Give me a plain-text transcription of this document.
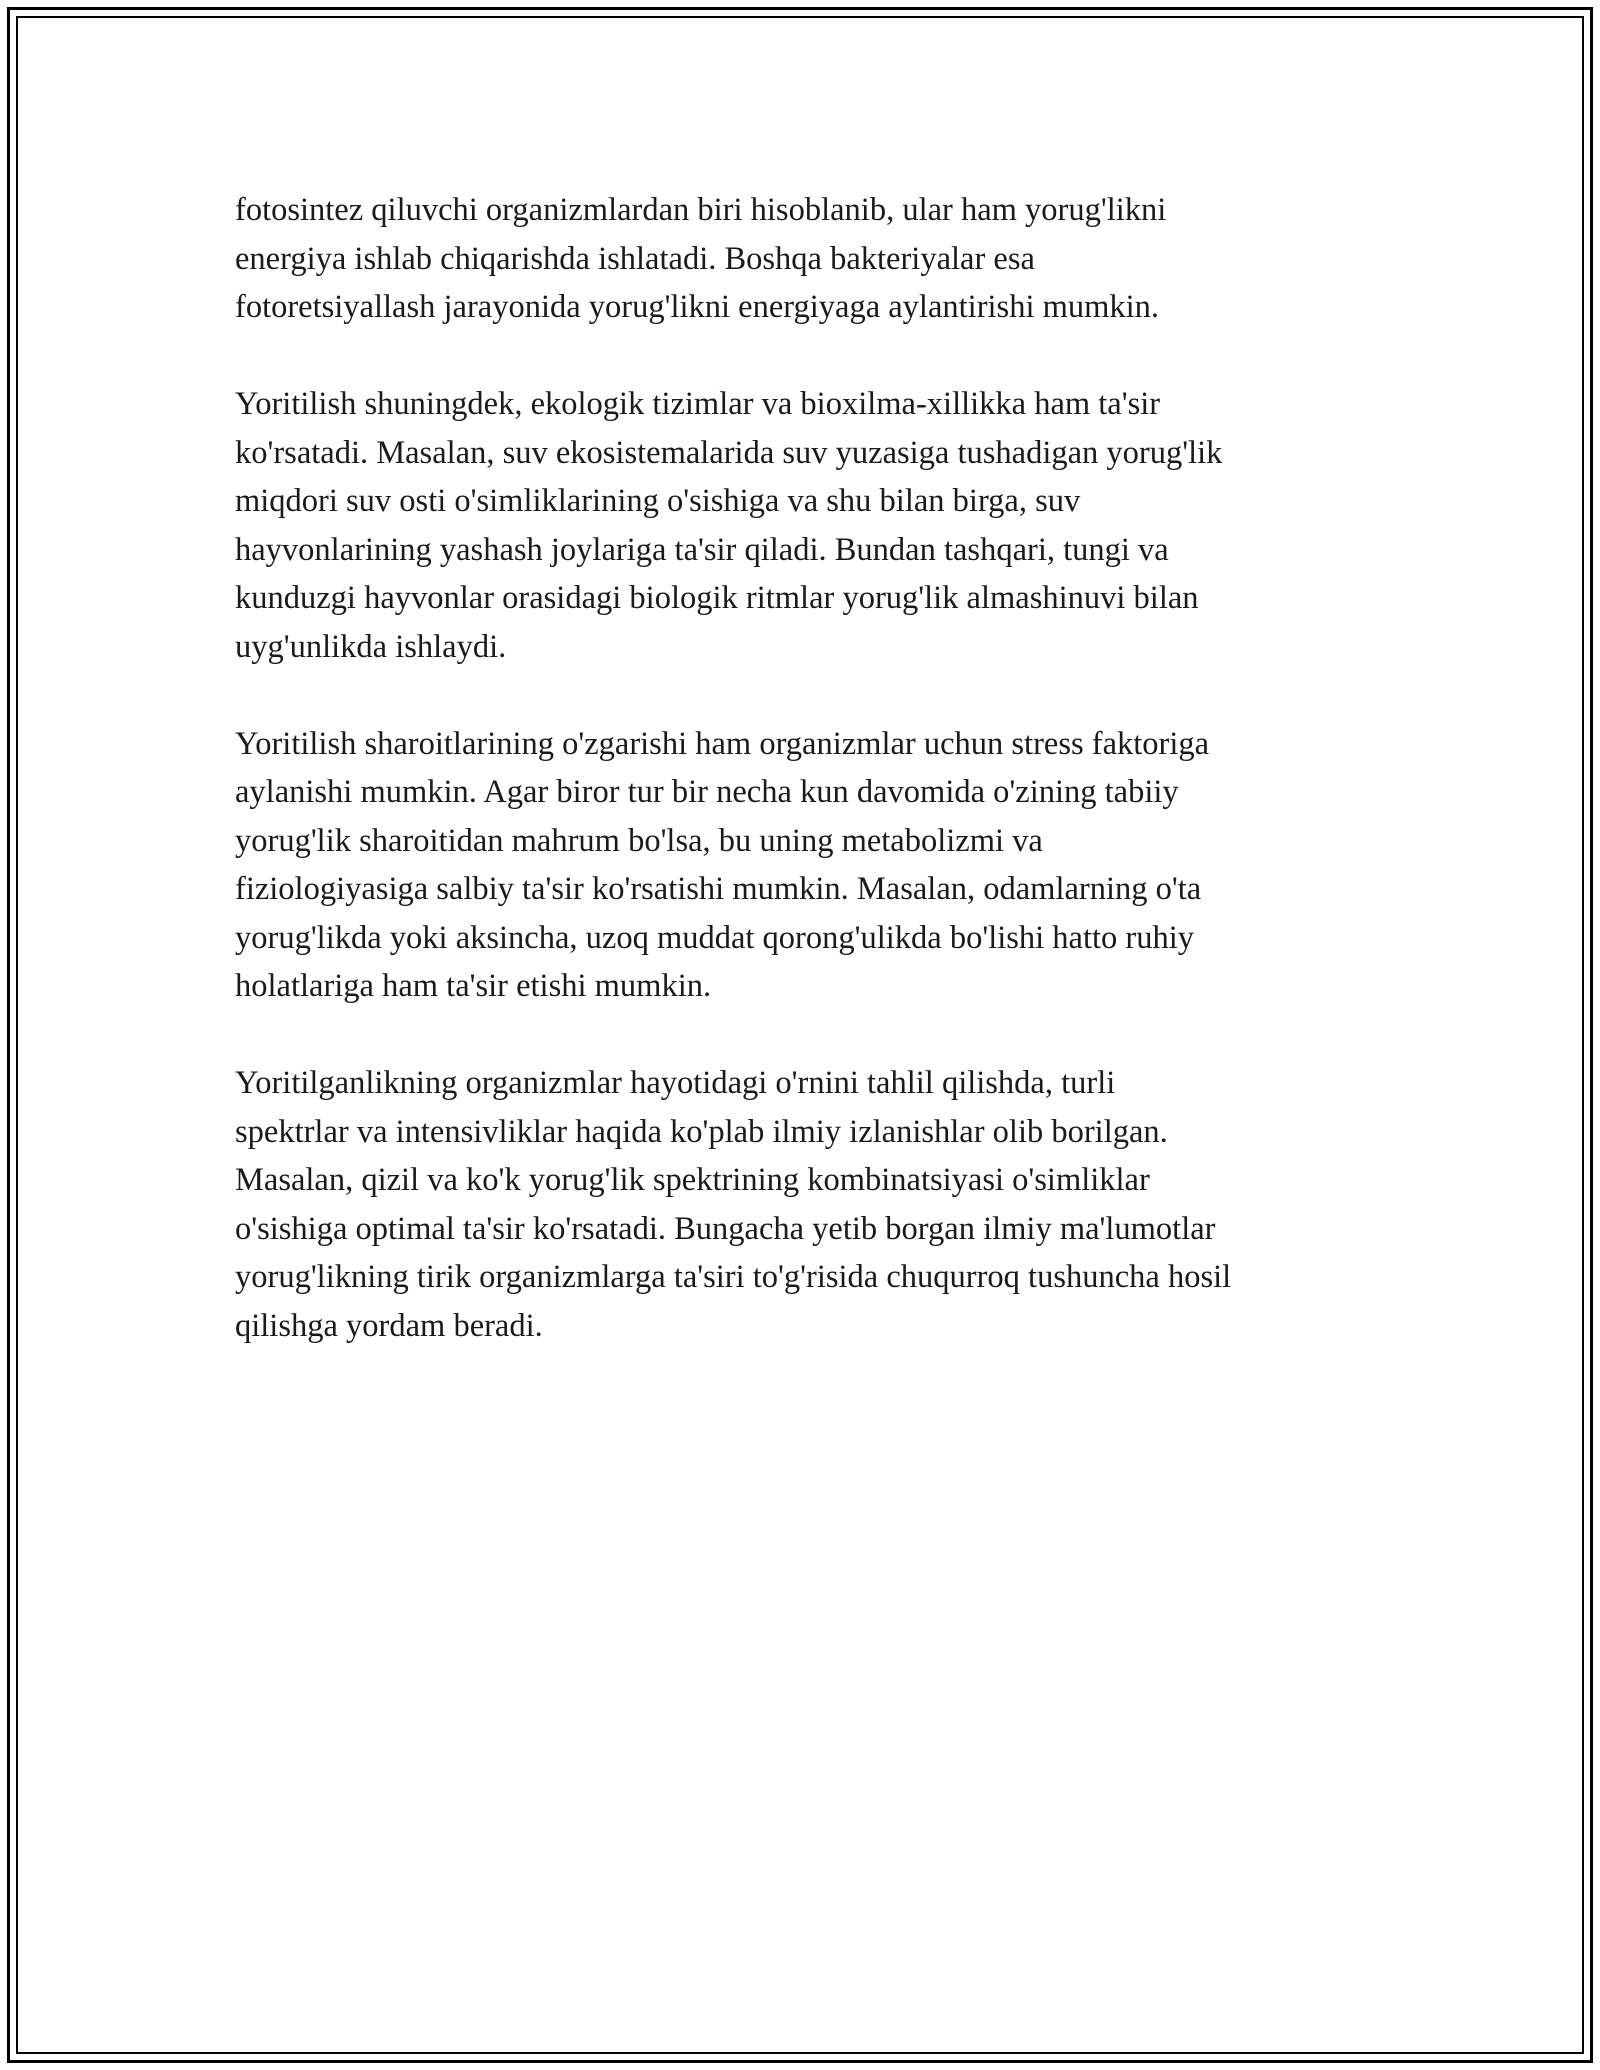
fotosintez qiluvchi organizmlardan biri hisoblanib, ular ham yorug'likni
energiya ishlab chiqarishda ishlatadi. Boshqa bakteriyalar esa
fotoretsiyallash jarayonida yorug'likni energiyaga aylantirishi mumkin.

Yoritilish shuningdek, ekologik tizimlar va bioxilma-xillikka ham ta'sir
ko'rsatadi. Masalan, suv ekosistemalarida suv yuzasiga tushadigan yorug'lik
miqdori suv osti o'simliklarining o'sishiga va shu bilan birga, suv
hayvonlarining yashash joylariga ta'sir qiladi. Bundan tashqari, tungi va
kunduzgi hayvonlar orasidagi biologik ritmlar yorug'lik almashinuvi bilan
uyg'unlikda ishlaydi.

Yoritilish sharoitlarining o'zgarishi ham organizmlar uchun stress faktoriga
aylanishi mumkin. Agar biror tur bir necha kun davomida o'zining tabiiy
yorug'lik sharoitidan mahrum bo'lsa, bu uning metabolizmi va
fiziologiyasiga salbiy ta'sir ko'rsatishi mumkin. Masalan, odamlarning o'ta
yorug'likda yoki aksincha, uzoq muddat qorong'ulikda bo'lishi hatto ruhiy
holatlariga ham ta'sir etishi mumkin.

Yoritilganlikning organizmlar hayotidagi o'rnini tahlil qilishda, turli
spektrlar va intensivliklar haqida ko'plab ilmiy izlanishlar olib borilgan.
Masalan, qizil va ko'k yorug'lik spektrining kombinatsiyasi o'simliklar
o'sishiga optimal ta'sir ko'rsatadi. Bungacha yetib borgan ilmiy ma'lumotlar
yorug'likning tirik organizmlarga ta'siri to'g'risida chuqurroq tushuncha hosil
qilishga yordam beradi.
